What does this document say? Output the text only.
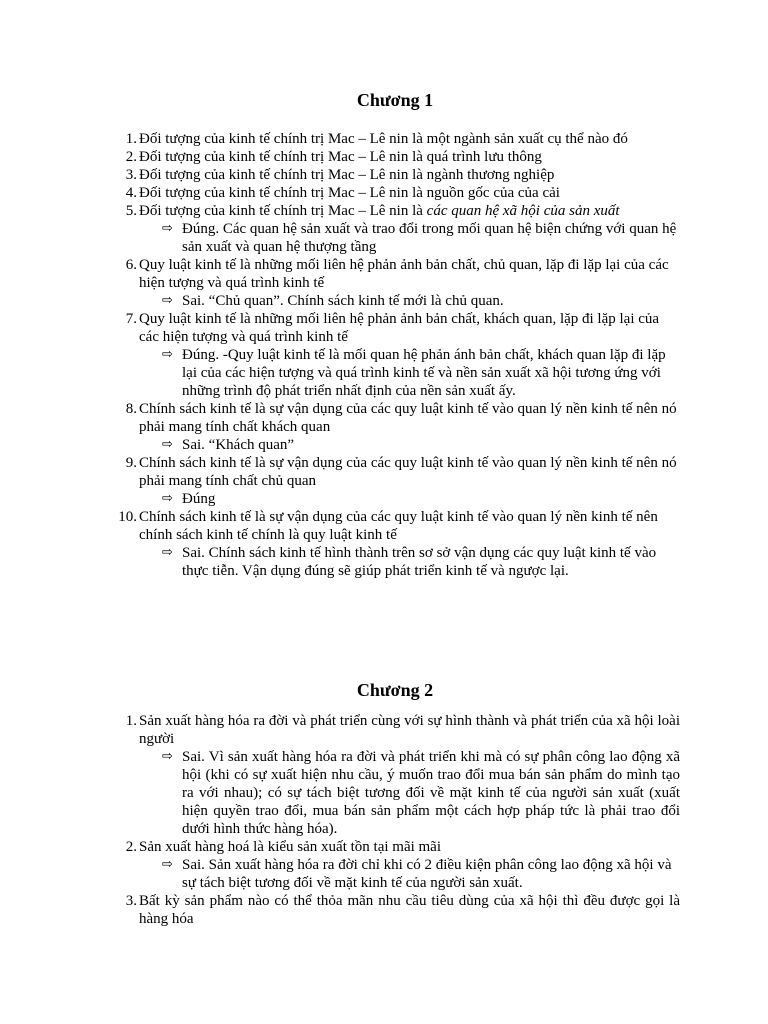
Chương 1
1 . Đối tượng của kinh tế chính trị Mac – Lê nin là một ngành sản xuất cụ thể nào đó
2 . Đối tượng của kinh tế chính trị Mac – Lê nin là quá trình lưu thông
3 . Đối tượng của kinh tế chính trị Mac – Lê nin là ngành thương nghiệp
4 . Đối tượng của kinh tế chính trị Mac – Lê nin là nguồn gốc của của cải
5 . Đối tượng của kinh tế chính trị Mac – Lê nin là các quan hệ xã hội của sản xuất
⇨ Đúng. Các quan hệ sản xuất và trao đổi trong mối quan hệ biện chứng với quan hệ sản xuất và quan hệ thượng tầng
6 . Quy luật kinh tế là những mối liên hệ phản ảnh bản chất, chủ quan, lặp đi lặp lại của các hiện tượng và quá trình kinh tế
⇨ Sai. “Chủ quan”. Chính sách kinh tế mới là chủ quan.
7 . Quy luật kinh tế là những mối liên hệ phản ảnh bản chất, khách quan, lặp đi lặp lại của các hiện tượng và quá trình kinh tế
⇨ Đúng. -Quy luật kinh tế là mối quan hệ phản ánh bản chất, khách quan lặp đi lặp lại của các hiện tượng và quá trình kinh tế và nền sản xuất xã hội tương ứng với những trình độ phát triển nhất định của nền sản xuất ấy.
8 . Chính sách kinh tế là sự vận dụng của các quy luật kinh tế vào quan lý nền kinh tế nên nó phải mang tính chất khách quan
⇨ Sai. “Khách quan”
9 . Chính sách kinh tế là sự vận dụng của các quy luật kinh tế vào quan lý nền kinh tế nên nó phải mang tính chất chủ quan
⇨ Đúng
10 . Chính sách kinh tế là sự vận dụng của các quy luật kinh tế vào quan lý nền kinh tế nên chính sách kinh tế chính là quy luật kinh tế
⇨ Sai. Chính sách kinh tế hình thành trên sơ sở vận dụng các quy luật kinh tế vào thực tiễn. Vận dụng đúng sẽ giúp phát triển kinh tế và ngược lại.
Chương 2
1 . Sản xuất hàng hóa ra đời và phát triển cùng với sự hình thành và phát triển của xã hội loài người
⇨ Sai. Vì sản xuất hàng hóa ra đời và phát triển khi mà có sự phân công lao động xã hội (khi có sự xuất hiện nhu cầu, ý muốn trao đổi mua bán sản phẩm do mình tạo ra với nhau); có sự tách biệt tương đối về mặt kinh tế của người sản xuất (xuất hiện quyền trao đổi, mua bán sản phẩm một cách hợp pháp tức là phải trao đổi dưới hình thức hàng hóa).
2 . Sản xuất hàng hoá là kiểu sản xuất tồn tại mãi mãi
⇨ Sai. Sản xuất hàng hóa ra đời chỉ khi có 2 điều kiện phân công lao động xã hội và sự tách biệt tương đối về mặt kinh tế của người sản xuất.
3 . Bất kỳ sản phẩm nào có thể thỏa mãn nhu cầu tiêu dùng của xã hội thì đều được gọi là hàng hóa
